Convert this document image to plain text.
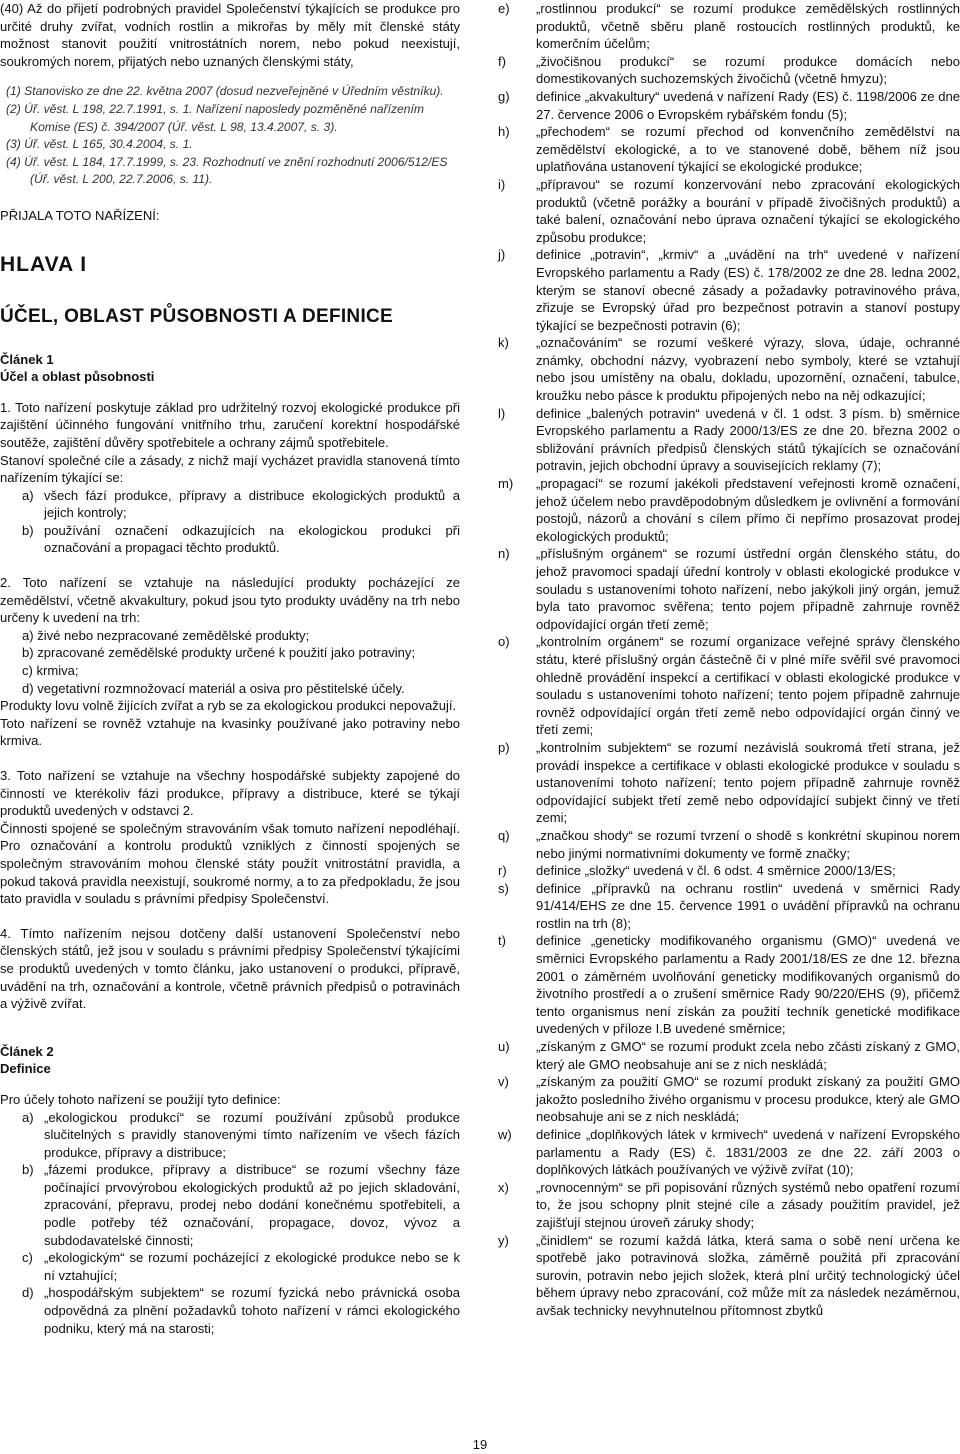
(40) Až do přijetí podrobných pravidel Společenství týkajících se produkce pro určité druhy zvířat, vodních rostlin a mikrořas by měly mít členské státy možnost stanovit použití vnitrostátních norem, nebo pokud neexistují, soukromých norem, přijatých nebo uznaných členskými státy,

(1) Stanovisko ze dne 22. května 2007 (dosud nezveřejněné v Úředním věstníku).
(2) Úř. věst. L 198, 22.7.1991, s. 1. Nařízení naposledy pozměněné nařízením Komise (ES) č. 394/2007 (Úř. věst. L 98, 13.4.2007, s. 3).
(3) Úř. věst. L 165, 30.4.2004, s. 1.
(4) Úř. věst. L 184, 17.7.1999, s. 23. Rozhodnutí ve znění rozhodnutí 2006/512/ES (Úř. věst. L 200, 22.7.2006, s. 11).

PŘIJALA TOTO NAŘÍZENÍ:

HLAVA I

ÚČEL, OBLAST PŮSOBNOSTI A DEFINICE

Článek 1

Účel a oblast působnosti

1. Toto nařízení poskytuje základ pro udržitelný rozvoj ekologické produkce při zajištění účinného fungování vnitřního trhu, zaručení korektní hospodářské soutěže, zajištění důvěry spotřebitele a ochrany zájmů spotřebitele.

Stanoví společné cíle a zásady, z nichž mají vycházet pravidla stanovená tímto nařízením týkající se:

a) všech fází produkce, přípravy a distribuce ekologických produktů a jejich kontroly;
b) používání označení odkazujících na ekologickou produkci při označování a propagaci těchto produktů.

2. Toto nařízení se vztahuje na následující produkty pocházející ze zemědělství, včetně akvakultury, pokud jsou tyto produkty uváděny na trh nebo určeny k uvedení na trh:

a) živé nebo nezpracované zemědělské produkty;

b) zpracované zemědělské produkty určené k použití jako potraviny;

c) krmiva;

d) vegetativní rozmnožovací materiál a osiva pro pěstitelské účely.

Produkty lovu volně žijících zvířat a ryb se za ekologickou produkci nepovažují.

Toto nařízení se rovněž vztahuje na kvasinky používané jako potraviny nebo krmiva.

3. Toto nařízení se vztahuje na všechny hospodářské subjekty zapojené do činností ve kterékoliv fázi produkce, přípravy a distribuce, které se týkají produktů uvedených v odstavci 2.

Činnosti spojené se společným stravováním však tomuto nařízení nepodléhají. Pro označování a kontrolu produktů vzniklých z činností spojených se společným stravováním mohou členské státy použít vnitrostátní pravidla, a pokud taková pravidla neexistují, soukromé normy, a to za předpokladu, že jsou tato pravidla v souladu s právními předpisy Společenství.

4. Tímto nařízením nejsou dotčeny další ustanovení Společenství nebo členských států, jež jsou v souladu s právními předpisy Společenství týkajícími se produktů uvedených v tomto článku, jako ustanovení o produkci, přípravě, uvádění na trh, označování a kontrole, včetně právních předpisů o potravinách a výživě zvířat.

Článek 2

Definice

Pro účely tohoto nařízení se použijí tyto definice:

a) „ekologickou produkcí“ se rozumí používání způsobů produkce slučitelných s pravidly stanovenými tímto nařízením ve všech fázích produkce, přípravy a distribuce;
b) „fázemi produkce, přípravy a distribuce“ se rozumí všechny fáze počínající prvovýrobou ekologických produktů až po jejich skladování, zpracování, přepravu, prodej nebo dodání konečnému spotřebiteli, a podle potřeby též označování, propagace, dovoz, vývoz a subdodavatelské činnosti;
c) „ekologickým“ se rozumí pocházející z ekologické produkce nebo se k ní vztahující;
d) „hospodářským subjektem“ se rozumí fyzická nebo právnická osoba odpovědná za plnění požadavků tohoto nařízení v rámci ekologického podniku, který má na starosti;
e)	„rostlinnou produkcí“ se rozumí produkce zemědělských rostlinných produktů, včetně sběru planě rostoucích rostlinných produktů, ke komerčním účelům;
f)	„živočišnou produkcí“ se rozumí produkce domácích nebo domestikovaných suchozemských živočichů (včetně hmyzu);
g)	definice „akvakultury“ uvedená v nařízení Rady (ES) č. 1198/2006 ze dne 27. července 2006 o Evropském rybářském fondu (5);
h)	„přechodem“ se rozumí přechod od konvenčního zemědělství na zemědělství ekologické, a to ve stanovené době, během níž jsou uplatňována ustanovení týkající se ekologické produkce;
i)	„přípravou“ se rozumí konzervování nebo zpracování ekologických produktů (včetně porážky a bourání v případě živočišných produktů) a také balení, označování nebo úprava označení týkající se ekologického způsobu produkce;
j)	definice „potravin“, „krmiv“ a „uvádění na trh“ uvedené v nařízení Evropského parlamentu a Rady (ES) č. 178/2002 ze dne 28. ledna 2002, kterým se stanoví obecné zásady a požadavky potravinového práva, zřizuje se Evropský úřad pro bezpečnost potravin a stanoví postupy týkající se bezpečnosti potravin (6);
k)	„označováním“ se rozumí veškeré výrazy, slova, údaje, ochranné známky, obchodní názvy, vyobrazení nebo symboly, které se vztahují nebo jsou umístěny na obalu, dokladu, upozornění, označení, tabulce, kroužku nebo pásce k produktu připojených nebo na něj odkazující;
l)	definice „balených potravin“ uvedená v čl. 1 odst. 3 písm. b) směrnice Evropského parlamentu a Rady 2000/13/ES ze dne 20. března 2002 o sbližování právních předpisů členských států týkajících se označování potravin, jejich obchodní úpravy a souvisejících reklamy (7);
m)	„propagací“ se rozumí jakékoli představení veřejnosti kromě označení, jehož účelem nebo pravděpodobným důsledkem je ovlivnění a formování postojů, názorů a chování s cílem přímo či nepřímo prosazovat prodej ekologických produktů;
n)	„příslušným orgánem“ se rozumí ústřední orgán členského státu, do jehož pravomoci spadají úřední kontroly v oblasti ekologické produkce v souladu s ustanoveními tohoto nařízení, nebo jakýkoli jiný orgán, jemuž byla tato pravomoc svěřena; tento pojem případně zahrnuje rovněž odpovídající orgán třetí země;
o)	„kontrolním orgánem“ se rozumí organizace veřejné správy členského státu, které příslušný orgán částečně či v plné míře svěřil své pravomoci ohledně provádění inspekcí a certifikací v oblasti ekologické produkce v souladu s ustanoveními tohoto nařízení; tento pojem případně zahrnuje rovněž odpovídající orgán třetí země nebo odpovídající orgán činný ve třetí zemi;
p)	„kontrolním subjektem“ se rozumí nezávislá soukromá třetí strana, jež provádí inspekce a certifikace v oblasti ekologické produkce v souladu s ustanoveními tohoto nařízení; tento pojem případně zahrnuje rovněž odpovídající subjekt třetí země nebo odpovídající subjekt činný ve třetí zemi;
q)	„značkou shody“ se rozumí tvrzení o shodě s konkrétní skupinou norem nebo jinými normativními dokumenty ve formě značky;
r)	definice „složky“ uvedená v čl. 6 odst. 4 směrnice 2000/13/ES;
s)	definice „přípravků na ochranu rostlin“ uvedená v směrnici Rady 91/414/EHS ze dne 15. července 1991 o uvádění přípravků na ochranu rostlin na trh (8);
t)	definice „geneticky modifikovaného organismu (GMO)“ uvedená ve směrnici Evropského parlamentu a Rady 2001/18/ES ze dne 12. března 2001 o záměrném uvolňování geneticky modifikovaných organismů do životního prostředí a o zrušení směrnice Rady 90/220/EHS (9), přičemž tento organismus není získán za použití techník genetické modifikace uvedených v příloze I.B uvedené směrnice;
u)	„získaným z GMO“ se rozumí produkt zcela nebo zčásti získaný z GMO, který ale GMO neobsahuje ani se z nich neskládá;
v)	„získaným za použití GMO“ se rozumí produkt získaný za použití GMO jakožto posledního živého organismu v procesu produkce, který ale GMO neobsahuje ani se z nich neskládá;
w)	definice „doplňkových látek v krmivech“ uvedená v nařízení Evropského parlamentu a Rady (ES) č. 1831/2003 ze dne 22. září 2003 o doplňkových látkách používaných ve výživě zvířat (10);
x)	„rovnocenným“ se při popisování různých systémů nebo opatření rozumí to, že jsou schopny plnit stejné cíle a zásady použitím pravidel, jež zajišťují stejnou úroveň záruky shody;
y)	„činidlem“ se rozumí každá látka, která sama o sobě není určena ke spotřebě jako potravinová složka, záměrně použitá při zpracování surovin, potravin nebo jejich složek, která plní určitý technologický účel během úpravy nebo zpracování, což může mít za následek nezáměrnou, avšak technicky nevyhnutelnou přítomnost zbytků
19
